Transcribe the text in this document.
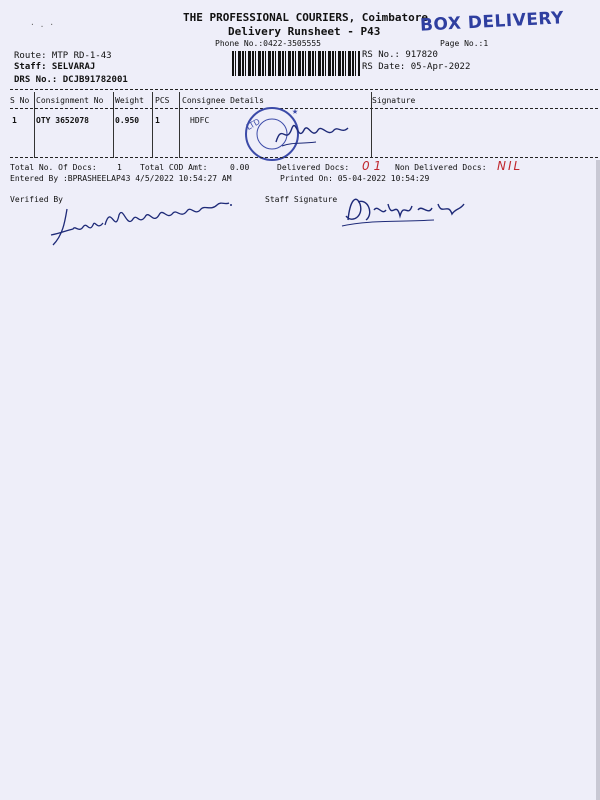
· . ·
THE PROFESSIONAL COURIERS, Coimbatore
Delivery Runsheet - P43
Phone No.:0422-3505555	Page No.:1
BOX DELIVERY
Route: MTP RD-1-43
Staff: SELVARAJ
DRS No.: DCJB91782001
RS No.: 917820
RS Date: 05-Apr-2022
S No Consignment No Weight PCS Consignee Details	Signature
1 OTY 3652078	0.950 1	HDFC	LTD
★
Total No. Of Docs:	1 Total COD Amt:	0.00	Delivered Docs: 01 Non Delivered Docs: NIL
Entered By :BPRASHEELAP43 4/5/2022 10:54:27 AM	Printed On: 05-04-2022 10:54:29
Verified By	Staff Signature
